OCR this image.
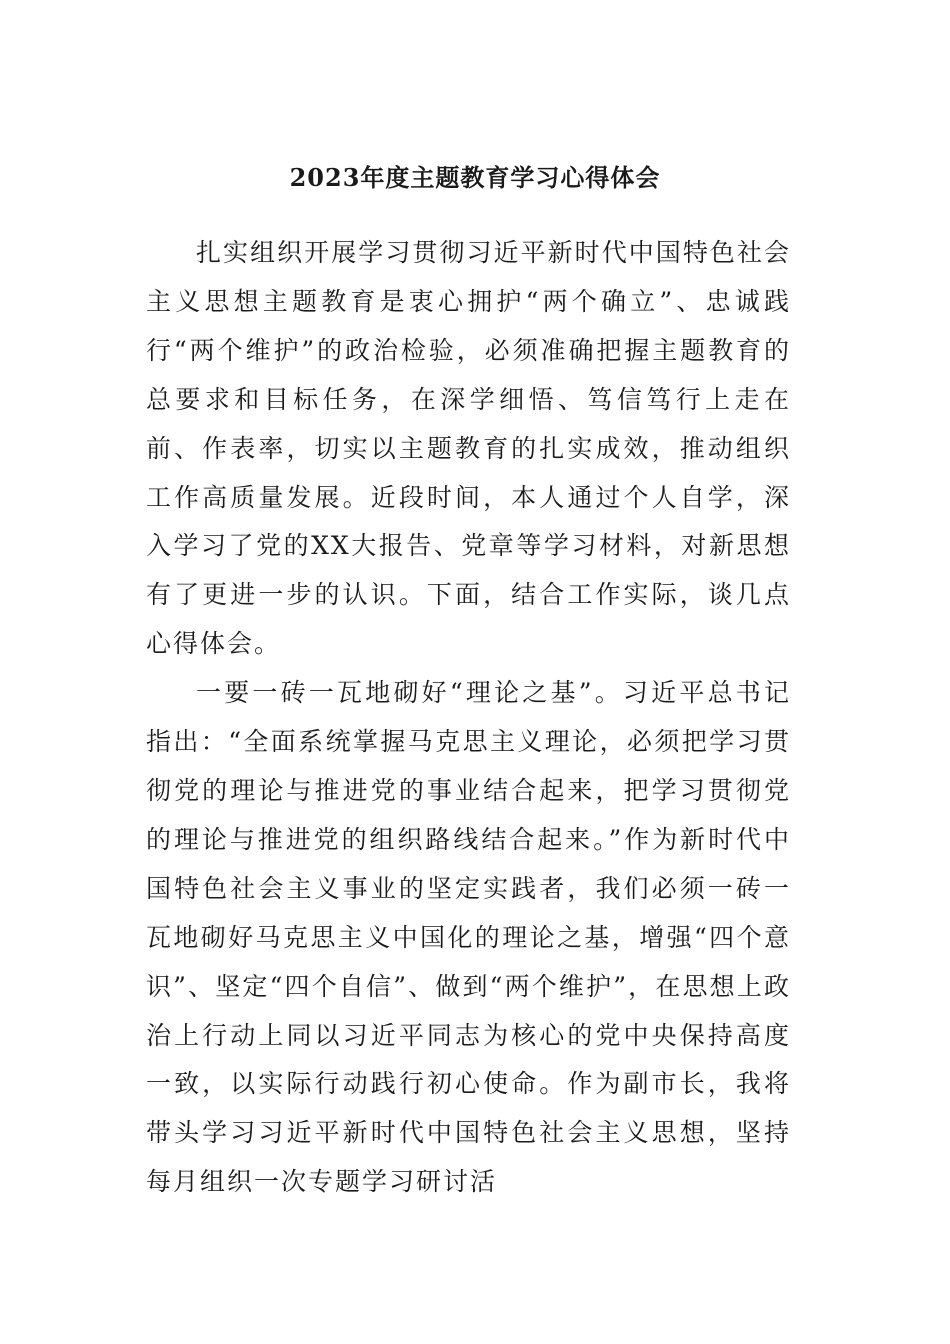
2023年度主题教育学习心得体会

扎实组织开展学习贯彻习近平新时代中国特色社会主义思想主题教育是衷心拥护“两个确立”、忠诚践行“两个维护”的政治检验，必须准确把握主题教育的总要求和目标任务，在深学细悟、笃信笃行上走在前、作表率，切实以主题教育的扎实成效，推动组织工作高质量发展。近段时间，本人通过个人自学，深入学习了党的XX大报告、党章等学习材料，对新思想有了更进一步的认识。下面，结合工作实际，谈几点心得体会。

一要一砖一瓦地砌好“理论之基”。习近平总书记指出：“全面系统掌握马克思主义理论，必须把学习贯彻党的理论与推进党的事业结合起来，把学习贯彻党的理论与推进党的组织路线结合起来。”作为新时代中国特色社会主义事业的坚定实践者，我们必须一砖一瓦地砌好马克思主义中国化的理论之基，增强“四个意识”、坚定“四个自信”、做到“两个维护”，在思想上政治上行动上同以习近平同志为核心的党中央保持高度一致，以实际行动践行初心使命。作为副市长，我将带头学习习近平新时代中国特色社会主义思想，坚持每月组织一次专题学习研讨活
